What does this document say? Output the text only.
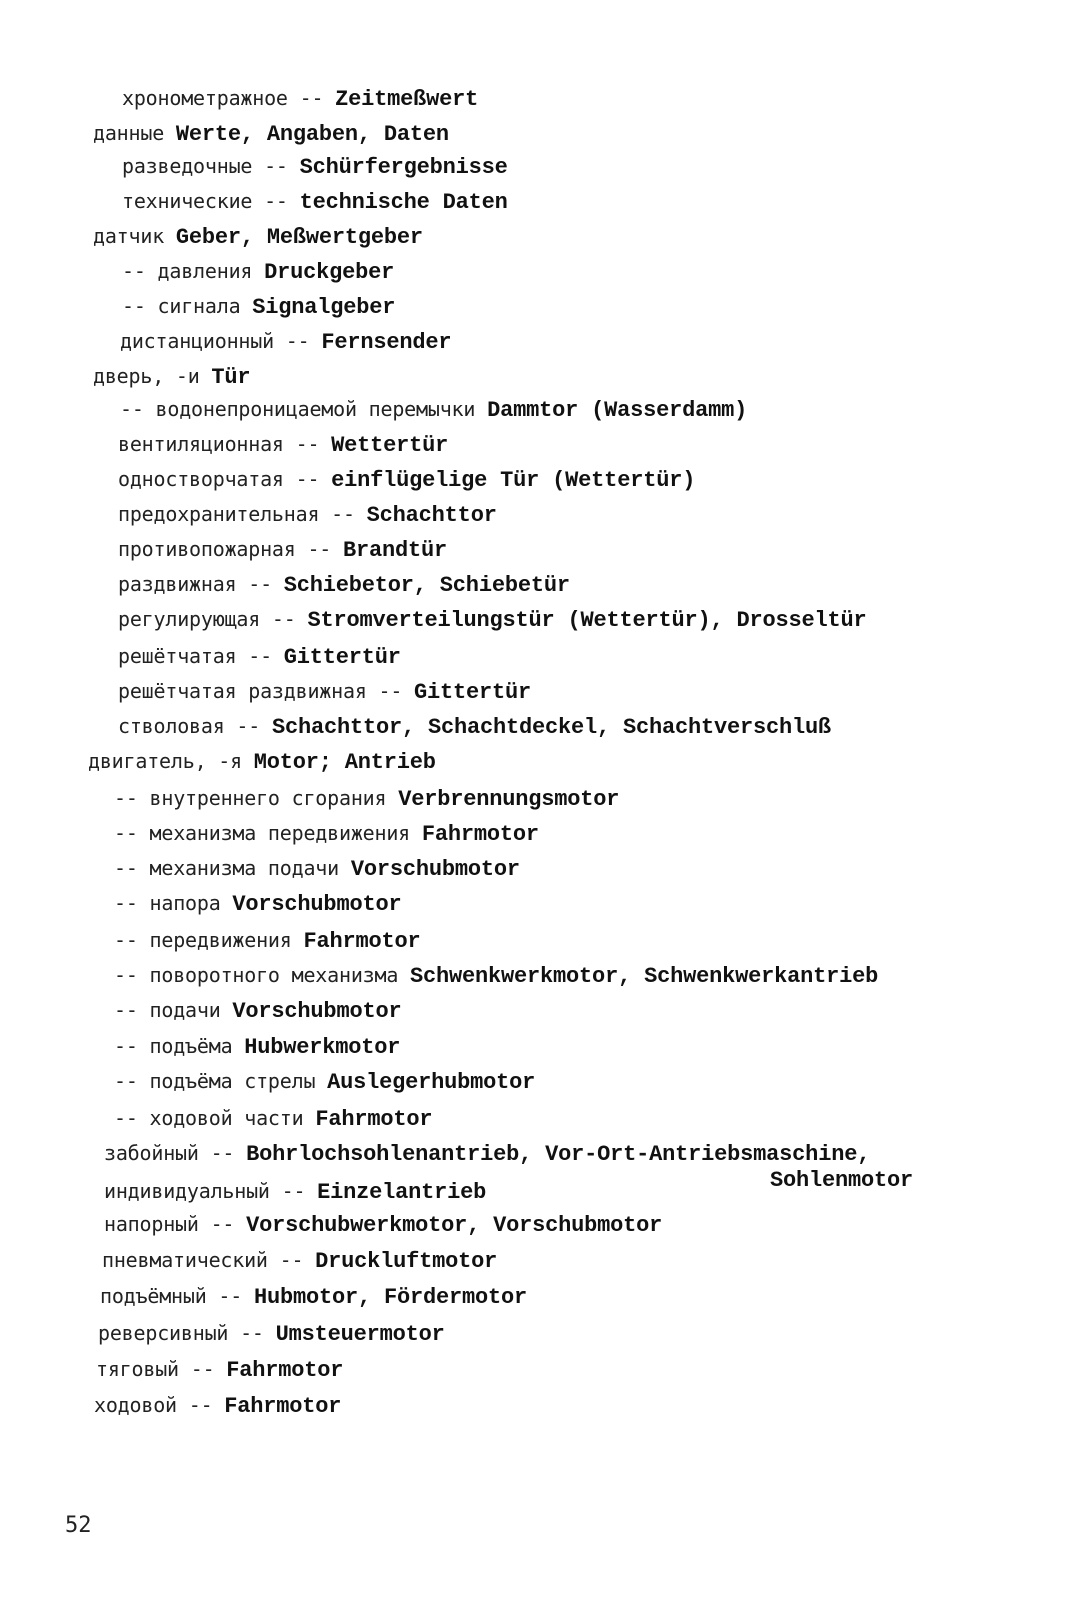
хронометражное -- Zeitmeßwert
данные Werte, Angaben, Daten
разведочные -- Schürfergebnisse
технические -- technische Daten
датчик Geber, Meßwertgeber
-- давления Druckgeber
-- сигнала Signalgeber
дистанционный -- Fernsender
дверь, -и Tür
-- водонепроницаемой перемычки Dammtor (Wasserdamm)
вентиляционная -- Wettertür
одностворчатая -- einflügelige Tür (Wettertür)
предохранительная -- Schachttor
противопожарная -- Brandtür
раздвижная -- Schiebetor, Schiebetür
регулирующая -- Stromverteilungstür (Wettertür), Drosseltür
решётчатая -- Gittertür
решётчатая раздвижная -- Gittertür
стволовая -- Schachttor, Schachtdeckel, Schachtverschluß
двигатель, -я Motor; Antrieb
-- внутреннего сгорания Verbrennungsmotor
-- механизма передвижения Fahrmotor
-- механизма подачи Vorschubmotor
-- напора Vorschubmotor
-- передвижения Fahrmotor
-- поворотного механизма Schwenkwerkmotor, Schwenkwerkantrieb
-- подачи Vorschubmotor
-- подъёма Hubwerkmotor
-- подъёма стрелы Auslegerhubmotor
-- ходовой части Fahrmotor
забойный -- Bohrlochsohlenantrieb, Vor-Ort-Antriebsmaschine,
индивидуальный -- Einzelantrieb	Sohlenmotor
напорный -- Vorschubwerkmotor, Vorschubmotor
пневматический -- Druckluftmotor
подъёмный -- Hubmotor, Fördermotor
реверсивный -- Umsteuermotor
тяговый -- Fahrmotor
ходовой -- Fahrmotor
52
